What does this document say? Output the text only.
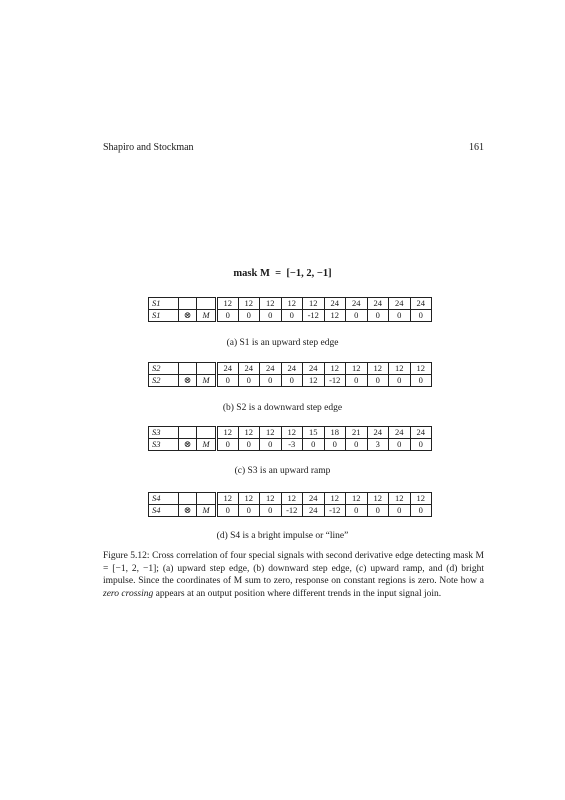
Shapiro and Stockman	161
mask M = [−1, 2, −1]
S1			12	12	12	12	12	24	24	24	24	24
S1	⊗	M	0	0	0	0	-12	12	0	0	0	0
(a) S1 is an upward step edge
S2			24	24	24	24	24	12	12	12	12	12
S2	⊗	M	0	0	0	0	12	-12	0	0	0	0
(b) S2 is a downward step edge
S3			12	12	12	12	15	18	21	24	24	24
S3	⊗	M	0	0	0	-3	0	0	0	3	0	0
(c) S3 is an upward ramp
S4			12	12	12	12	24	12	12	12	12	12
S4	⊗	M	0	0	0	-12	24	-12	0	0	0	0
(d) S4 is a bright impulse or “line”
Figure 5.12: Cross correlation of four special signals with second derivative edge detecting mask M = [−1, 2, −1]; (a) upward step edge, (b) downward step edge, (c) upward ramp, and (d) bright impulse. Since the coordinates of M sum to zero, response on constant regions is zero. Note how a zero crossing appears at an output position where different trends in the input signal join.
